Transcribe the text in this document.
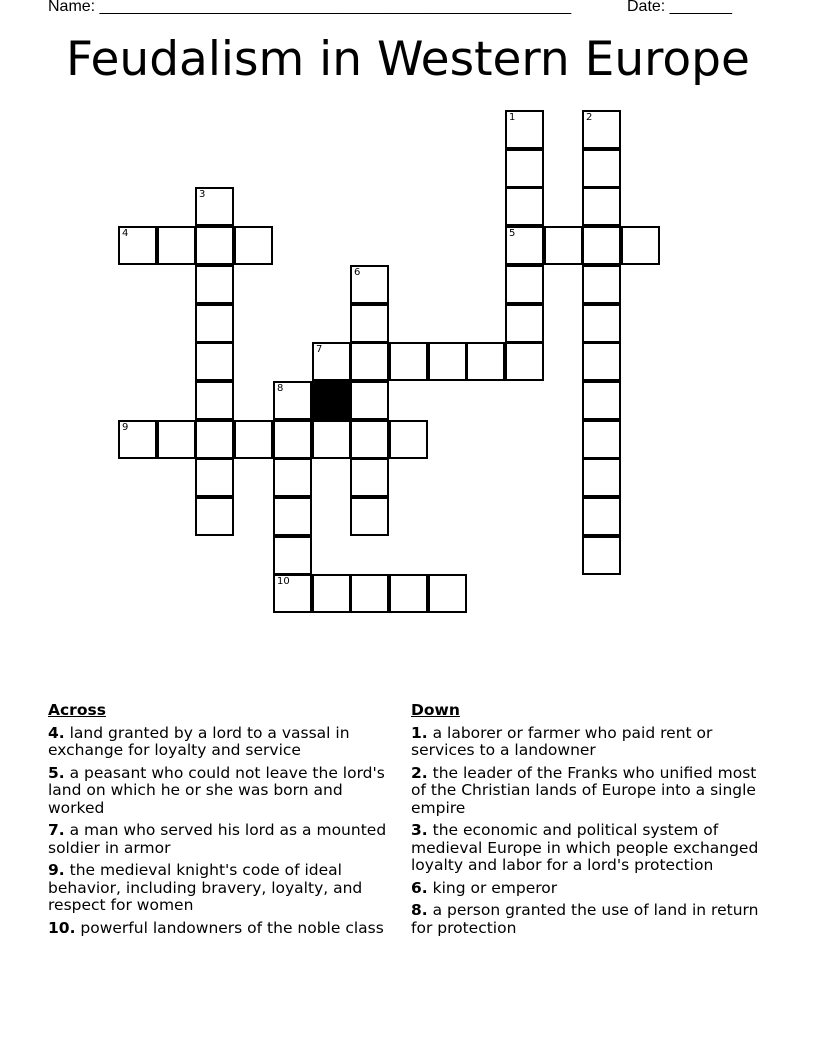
Name: _____________________________________________________	Date: _______
Feudalism in Western Europe
1
5
2
3
4
6
7
8
9
10
Across
4. land granted by a lord to a vassal in exchange for loyalty and service
5. a peasant who could not leave the lord's land on which he or she was born and worked
7. a man who served his lord as a mounted soldier in armor
9. the medieval knight's code of ideal behavior, including bravery, loyalty, and respect for women
10. powerful landowners of the noble class
Down
1. a laborer or farmer who paid rent or services to a landowner
2. the leader of the Franks who unified most of the Christian lands of Europe into a single empire
3. the economic and political system of medieval Europe in which people exchanged loyalty and labor for a lord's protection
6. king or emperor
8. a person granted the use of land in return for protection
